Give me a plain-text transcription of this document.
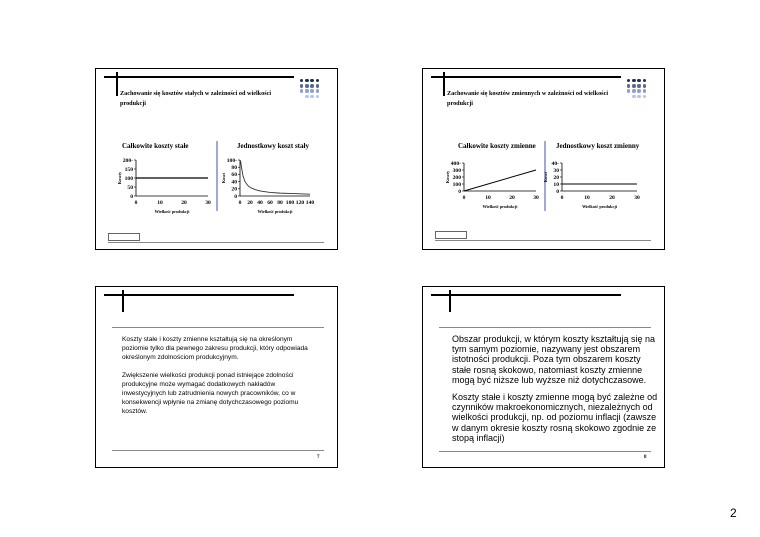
Zachowanie się kosztów stałych w zależności od wielkości produkcji
Całkowite koszty stałe	Jednostkowy koszt stały
0
50
100
150
200-
0	10	20	30
Wielkość produkcji
Koszty
0
20
40
60
80
100-
0 20 40 60 80 100 120 140
Wielkość produkcji
Koszt
Zachowanie się kosztów zmiennych w zależności od wielkości produkcji
Całkowite koszty zmienne	Jednostkowy koszt zmienny
0
100
200
300
400-
0	10	20	30
Wielkość produkcji
Koszty
0
10
20
30
40-
0	10	20	30
Wielkość produkcji
Koszt

Koszty stałe i koszty zmienne kształtują się na określonym poziomie tylko dla pewnego zakresu produkcji, który odpowiada określonym zdolnościom produkcyjnym.

Zwiększenie wielkości produkcji ponad istniejące zdolności produkcyjne może wymagać dodatkowych nakładów inwestycyjnych lub zatrudnienia nowych pracowników, co w konsekwencji wpłynie na zmianę dotychczasowego poziomu kosztów.

7

Obszar produkcji, w którym koszty kształtują się na tym samym poziomie, nazywany jest obszarem istotności produkcji. Poza tym obszarem koszty stałe rosną skokowo, natomiast koszty zmienne mogą być niższe lub wyższe niż dotychczasowe.

Koszty stałe i koszty zmienne mogą być zależne od czynników makroekonomicznych, niezależnych od wielkości produkcji, np. od poziomu inflacji (zawsze w danym okresie koszty rosną skokowo zgodnie ze stopą inflacji)

8
2
